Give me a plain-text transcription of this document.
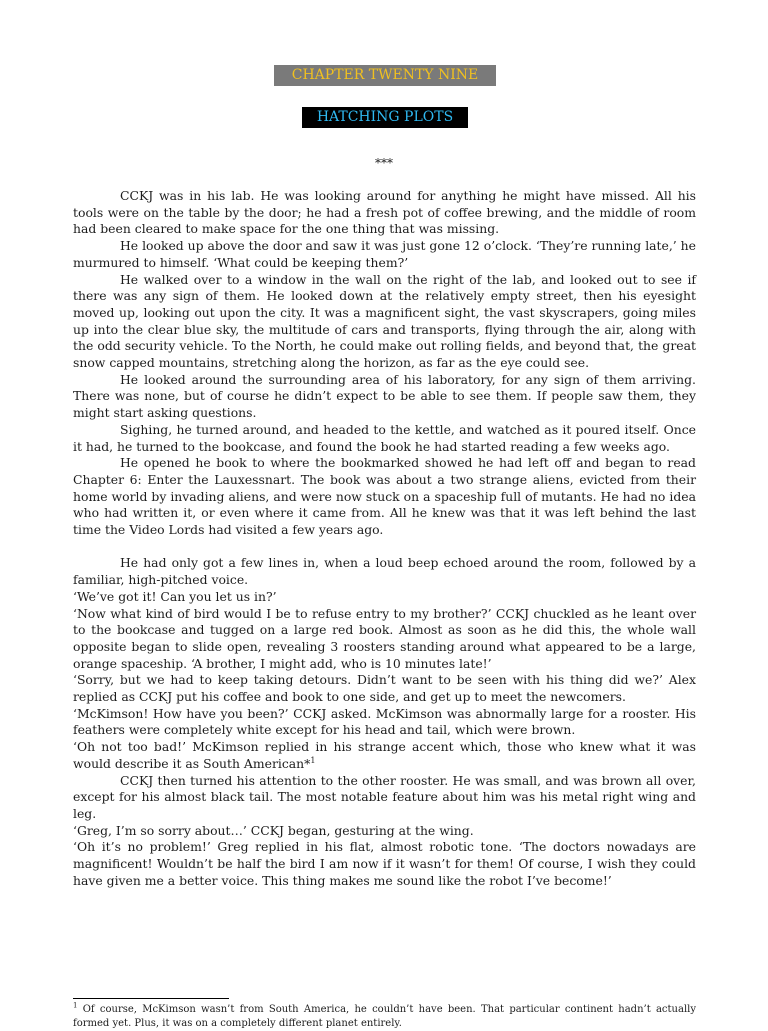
CHAPTER TWENTY NINE
HATCHING PLOTS
***

CCKJ was in his lab. He was looking around for anything he might have missed. All his tools were on the table by the door; he had a fresh pot of coffee brewing, and the middle of room had been cleared to make space for the one thing that was missing.

He looked up above the door and saw it was just gone 12 o’clock. ‘They’re running late,’ he murmured to himself. ‘What could be keeping them?’

He walked over to a window in the wall on the right of the lab, and looked out to see if there was any sign of them. He looked down at the relatively empty street, then his eyesight moved up, looking out upon the city. It was a magnificent sight, the vast skyscrapers, going miles up into the clear blue sky, the multitude of cars and transports, flying through the air, along with the odd security vehicle. To the North, he could make out rolling fields, and beyond that, the great snow capped mountains, stretching along the horizon, as far as the eye could see.

He looked around the surrounding area of his laboratory, for any sign of them arriving. There was none, but of course he didn’t expect to be able to see them. If people saw them, they might start asking questions.

Sighing, he turned around, and headed to the kettle, and watched as it poured itself. Once it had, he turned to the bookcase, and found the book he had started reading a few weeks ago.

He opened he book to where the bookmarked showed he had left off and began to read Chapter 6: Enter the Lauxessnart. The book was about a two strange aliens, evicted from their home world by invading aliens, and were now stuck on a spaceship full of mutants. He had no idea who had written it, or even where it came from. All he knew was that it was left behind the last time the Video Lords had visited a few years ago.

He had only got a few lines in, when a loud beep echoed around the room, followed by a familiar, high-pitched voice.

‘We’ve got it! Can you let us in?’

‘Now what kind of bird would I be to refuse entry to my brother?’ CCKJ chuckled as he leant over to the bookcase and tugged on a large red book. Almost as soon as he did this, the whole wall opposite began to slide open, revealing 3 roosters standing around what appeared to be a large, orange spaceship. ‘A brother, I might add, who is 10 minutes late!’

‘Sorry, but we had to keep taking detours. Didn’t want to be seen with his thing did we?’ Alex replied as CCKJ put his coffee and book to one side, and get up to meet the newcomers.

‘McKimson! How have you been?’ CCKJ asked. McKimson was abnormally large for a rooster. His feathers were completely white except for his head and tail, which were brown.

‘Oh not too bad!’ McKimson replied in his strange accent which, those who knew what it was would describe it as South American*$^1$

CCKJ then turned his attention to the other rooster. He was small, and was brown all over, except for his almost black tail. The most notable feature about him was his metal right wing and leg.

‘Greg, I’m so sorry about…’ CCKJ began, gesturing at the wing.

‘Oh it’s no problem!’ Greg replied in his flat, almost robotic tone. ‘The doctors nowadays are magnificent! Wouldn’t be half the bird I am now if it wasn’t for them! Of course, I wish they could have given me a better voice. This thing makes me sound like the robot I’ve become!’

$^1$ Of course, McKimson wasn’t from South America, he couldn’t have been. That particular continent hadn’t actually formed yet. Plus, it was on a completely different planet entirely.
